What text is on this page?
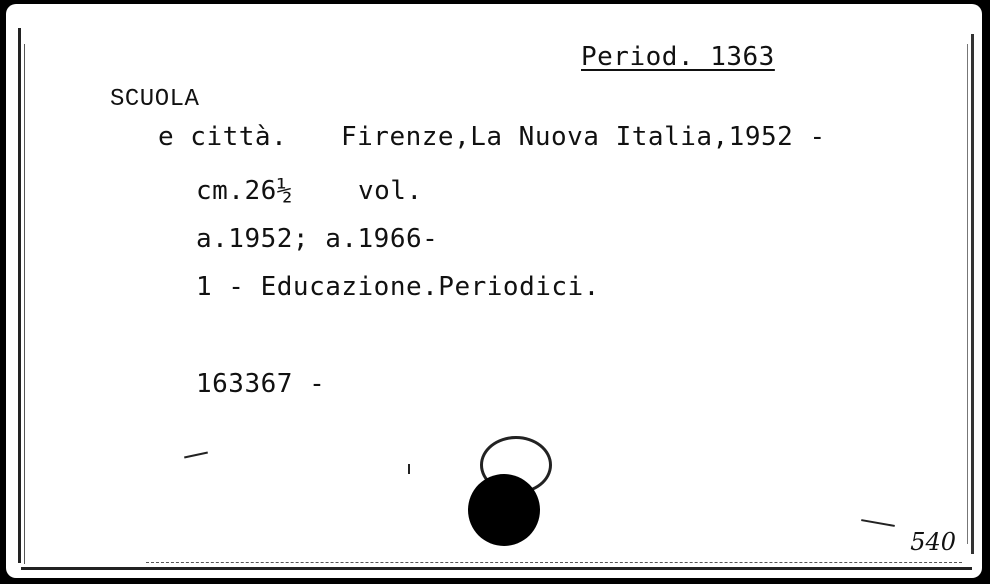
Period. 1363
SCUOLA
e città. Firenze,La Nuova Italia,1952 -
cm.26½	vol.
a.1952; a.1966-
1 - Educazione.Periodici.
163367 -
540
